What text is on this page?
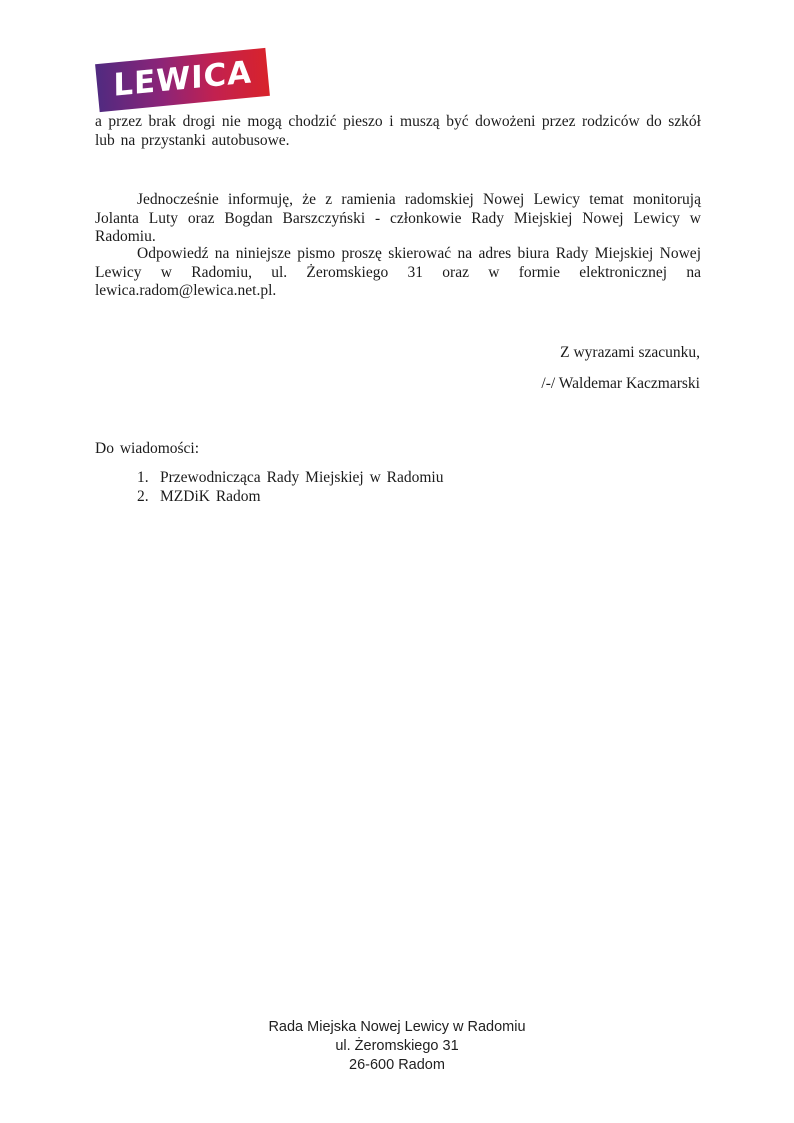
LEWICA

a przez brak drogi nie mogą chodzić pieszo i muszą być dowożeni przez rodziców do szkół lub na przystanki autobusowe.

Jednocześnie informuję, że z ramienia radomskiej Nowej Lewicy temat monitorują Jolanta Luty oraz Bogdan Barszczyński - członkowie Rady Miejskiej Nowej Lewicy w Radomiu.

Odpowiedź na niniejsze pismo proszę skierować na adres biura Rady Miejskiej Nowej Lewicy w Radomiu, ul. Żeromskiego 31 oraz w formie elektronicznej na lewica.radom@lewica.net.pl.

Z wyrazami szacunku,

/-/ Waldemar Kaczmarski

Do wiadomości:

1. Przewodnicząca Rady Miejskiej w Radomiu
2. MZDiK Radom
Rada Miejska Nowej Lewicy w Radomiu
ul. Żeromskiego 31
26-600 Radom
